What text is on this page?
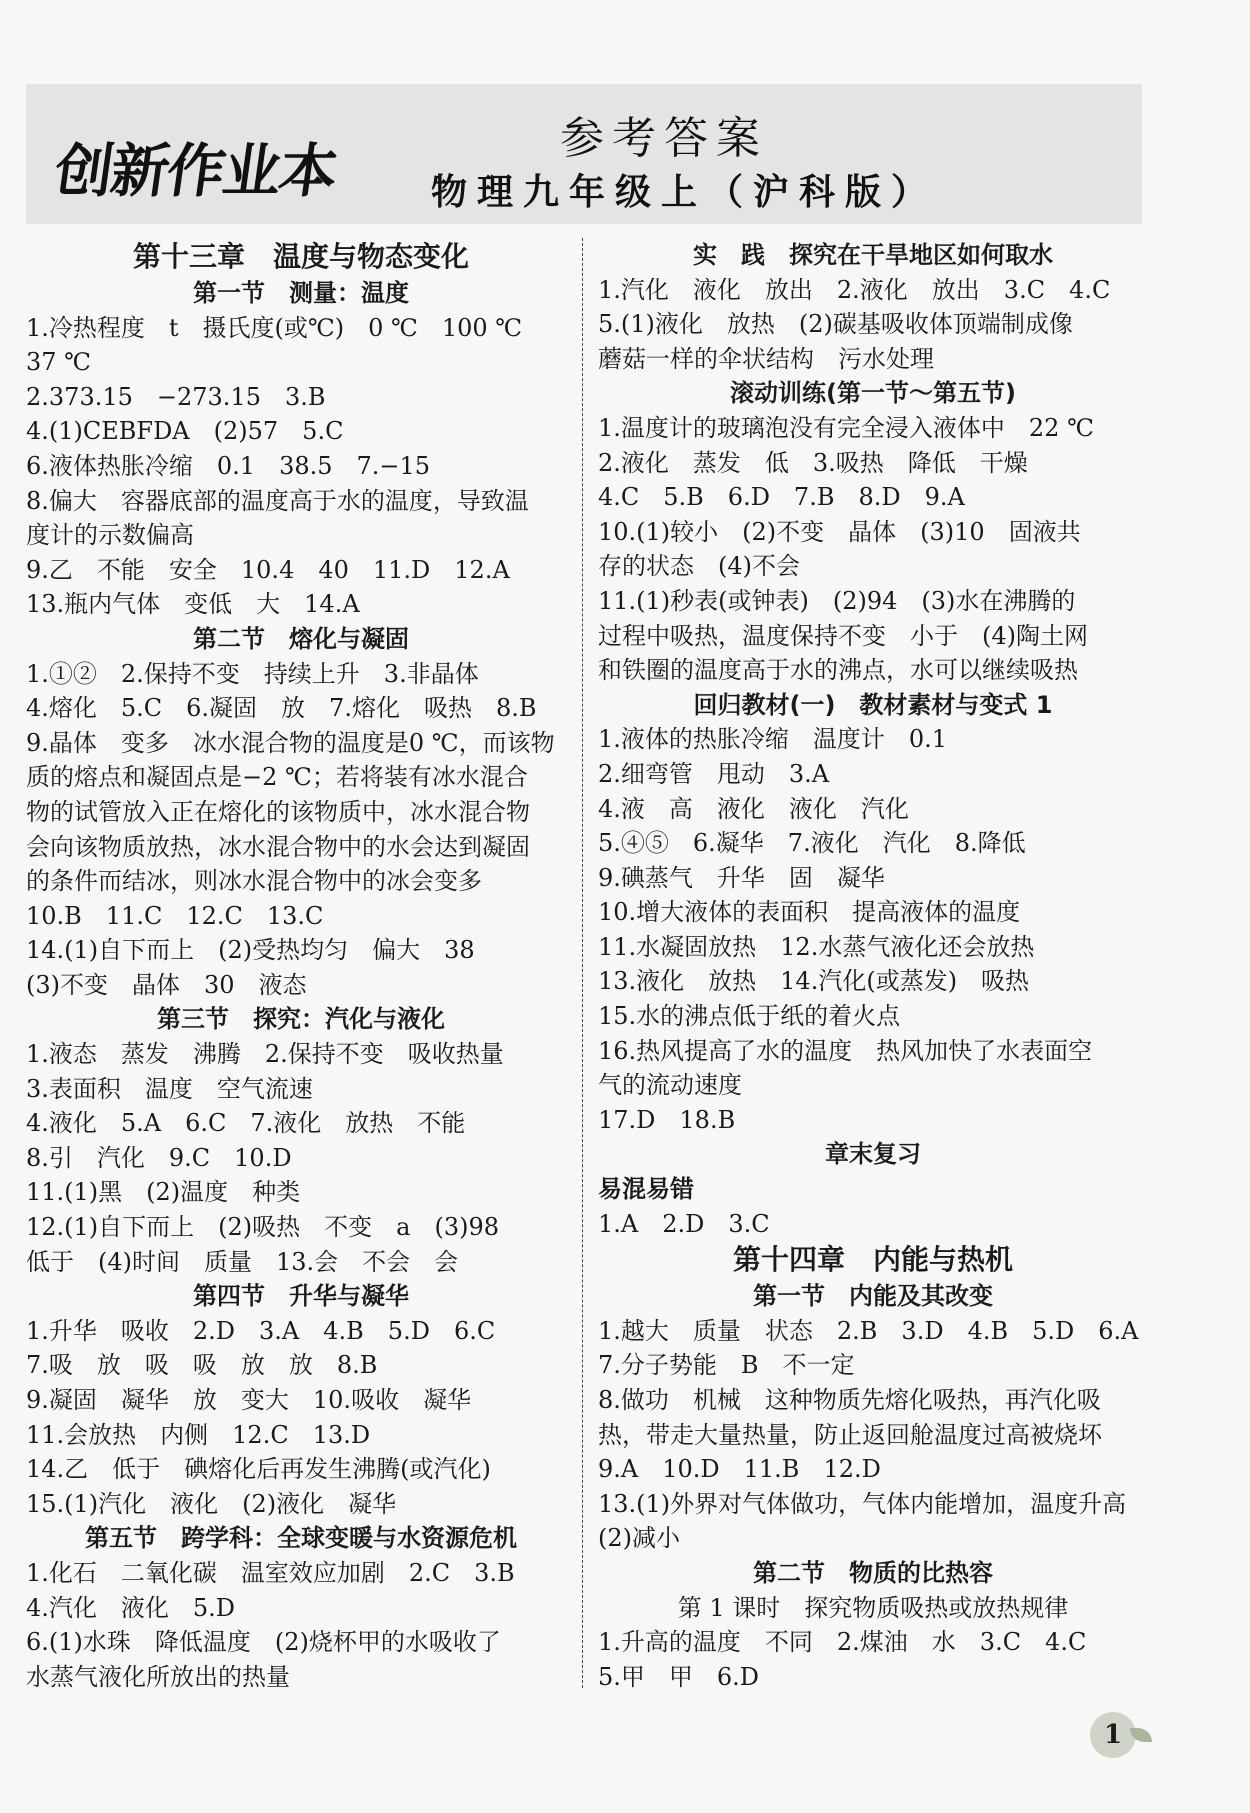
创新作业本	参考答案
物理九年级上（沪科版）
第十三章　温度与物态变化
第一节　测量：温度
1.冷热程度　t　摄氏度(或℃)　0 ℃　100 ℃
37 ℃
2.373.15　−273.15　3.B
4.(1)CEBFDA　(2)57　5.C
6.液体热胀冷缩　0.1　38.5　7.−15
8.偏大　容器底部的温度高于水的温度，导致温
度计的示数偏高
9.乙　不能　安全　10.4　40　11.D　12.A
13.瓶内气体　变低　大　14.A
第二节　熔化与凝固
1.①②　2.保持不变　持续上升　3.非晶体
4.熔化　5.C　6.凝固　放　7.熔化　吸热　8.B
9.晶体　变多　冰水混合物的温度是0 ℃，而该物
质的熔点和凝固点是−2 ℃；若将装有冰水混合
物的试管放入正在熔化的该物质中，冰水混合物
会向该物质放热，冰水混合物中的水会达到凝固
的条件而结冰，则冰水混合物中的冰会变多
10.B　11.C　12.C　13.C
14.(1)自下而上　(2)受热均匀　偏大　38
(3)不变　晶体　30　液态
第三节　探究：汽化与液化
1.液态　蒸发　沸腾　2.保持不变　吸收热量
3.表面积　温度　空气流速
4.液化　5.A　6.C　7.液化　放热　不能
8.引　汽化　9.C　10.D
11.(1)黑　(2)温度　种类
12.(1)自下而上　(2)吸热　不变　a　(3)98
低于　(4)时间　质量　13.会　不会　会
第四节　升华与凝华
1.升华　吸收　2.D　3.A　4.B　5.D　6.C
7.吸　放　吸　吸　放　放　8.B
9.凝固　凝华　放　变大　10.吸收　凝华
11.会放热　内侧　12.C　13.D
14.乙　低于　碘熔化后再发生沸腾(或汽化)
15.(1)汽化　液化　(2)液化　凝华
第五节　跨学科：全球变暖与水资源危机
1.化石　二氧化碳　温室效应加剧　2.C　3.B
4.汽化　液化　5.D
6.(1)水珠　降低温度　(2)烧杯甲的水吸收了
水蒸气液化所放出的热量
实　践　探究在干旱地区如何取水
1.汽化　液化　放出　2.液化　放出　3.C　4.C
5.(1)液化　放热　(2)碳基吸收体顶端制成像
蘑菇一样的伞状结构　污水处理
滚动训练(第一节～第五节)
1.温度计的玻璃泡没有完全浸入液体中　22 ℃
2.液化　蒸发　低　3.吸热　降低　干燥
4.C　5.B　6.D　7.B　8.D　9.A
10.(1)较小　(2)不变　晶体　(3)10　固液共
存的状态　(4)不会
11.(1)秒表(或钟表)　(2)94　(3)水在沸腾的
过程中吸热，温度保持不变　小于　(4)陶土网
和铁圈的温度高于水的沸点，水可以继续吸热
回归教材(一)　教材素材与变式 1
1.液体的热胀冷缩　温度计　0.1
2.细弯管　甩动　3.A
4.液　高　液化　液化　汽化
5.④⑤　6.凝华　7.液化　汽化　8.降低
9.碘蒸气　升华　固　凝华
10.增大液体的表面积　提高液体的温度
11.水凝固放热　12.水蒸气液化还会放热
13.液化　放热　14.汽化(或蒸发)　吸热
15.水的沸点低于纸的着火点
16.热风提高了水的温度　热风加快了水表面空
气的流动速度
17.D　18.B
章末复习
易混易错
1.A　2.D　3.C
第十四章　内能与热机
第一节　内能及其改变
1.越大　质量　状态　2.B　3.D　4.B　5.D　6.A
7.分子势能　B　不一定
8.做功　机械　这种物质先熔化吸热，再汽化吸
热，带走大量热量，防止返回舱温度过高被烧坏
9.A　10.D　11.B　12.D
13.(1)外界对气体做功，气体内能增加，温度升高
(2)减小
第二节　物质的比热容
第 1 课时　探究物质吸热或放热规律
1.升高的温度　不同　2.煤油　水　3.C　4.C
5.甲　甲　6.D
1
